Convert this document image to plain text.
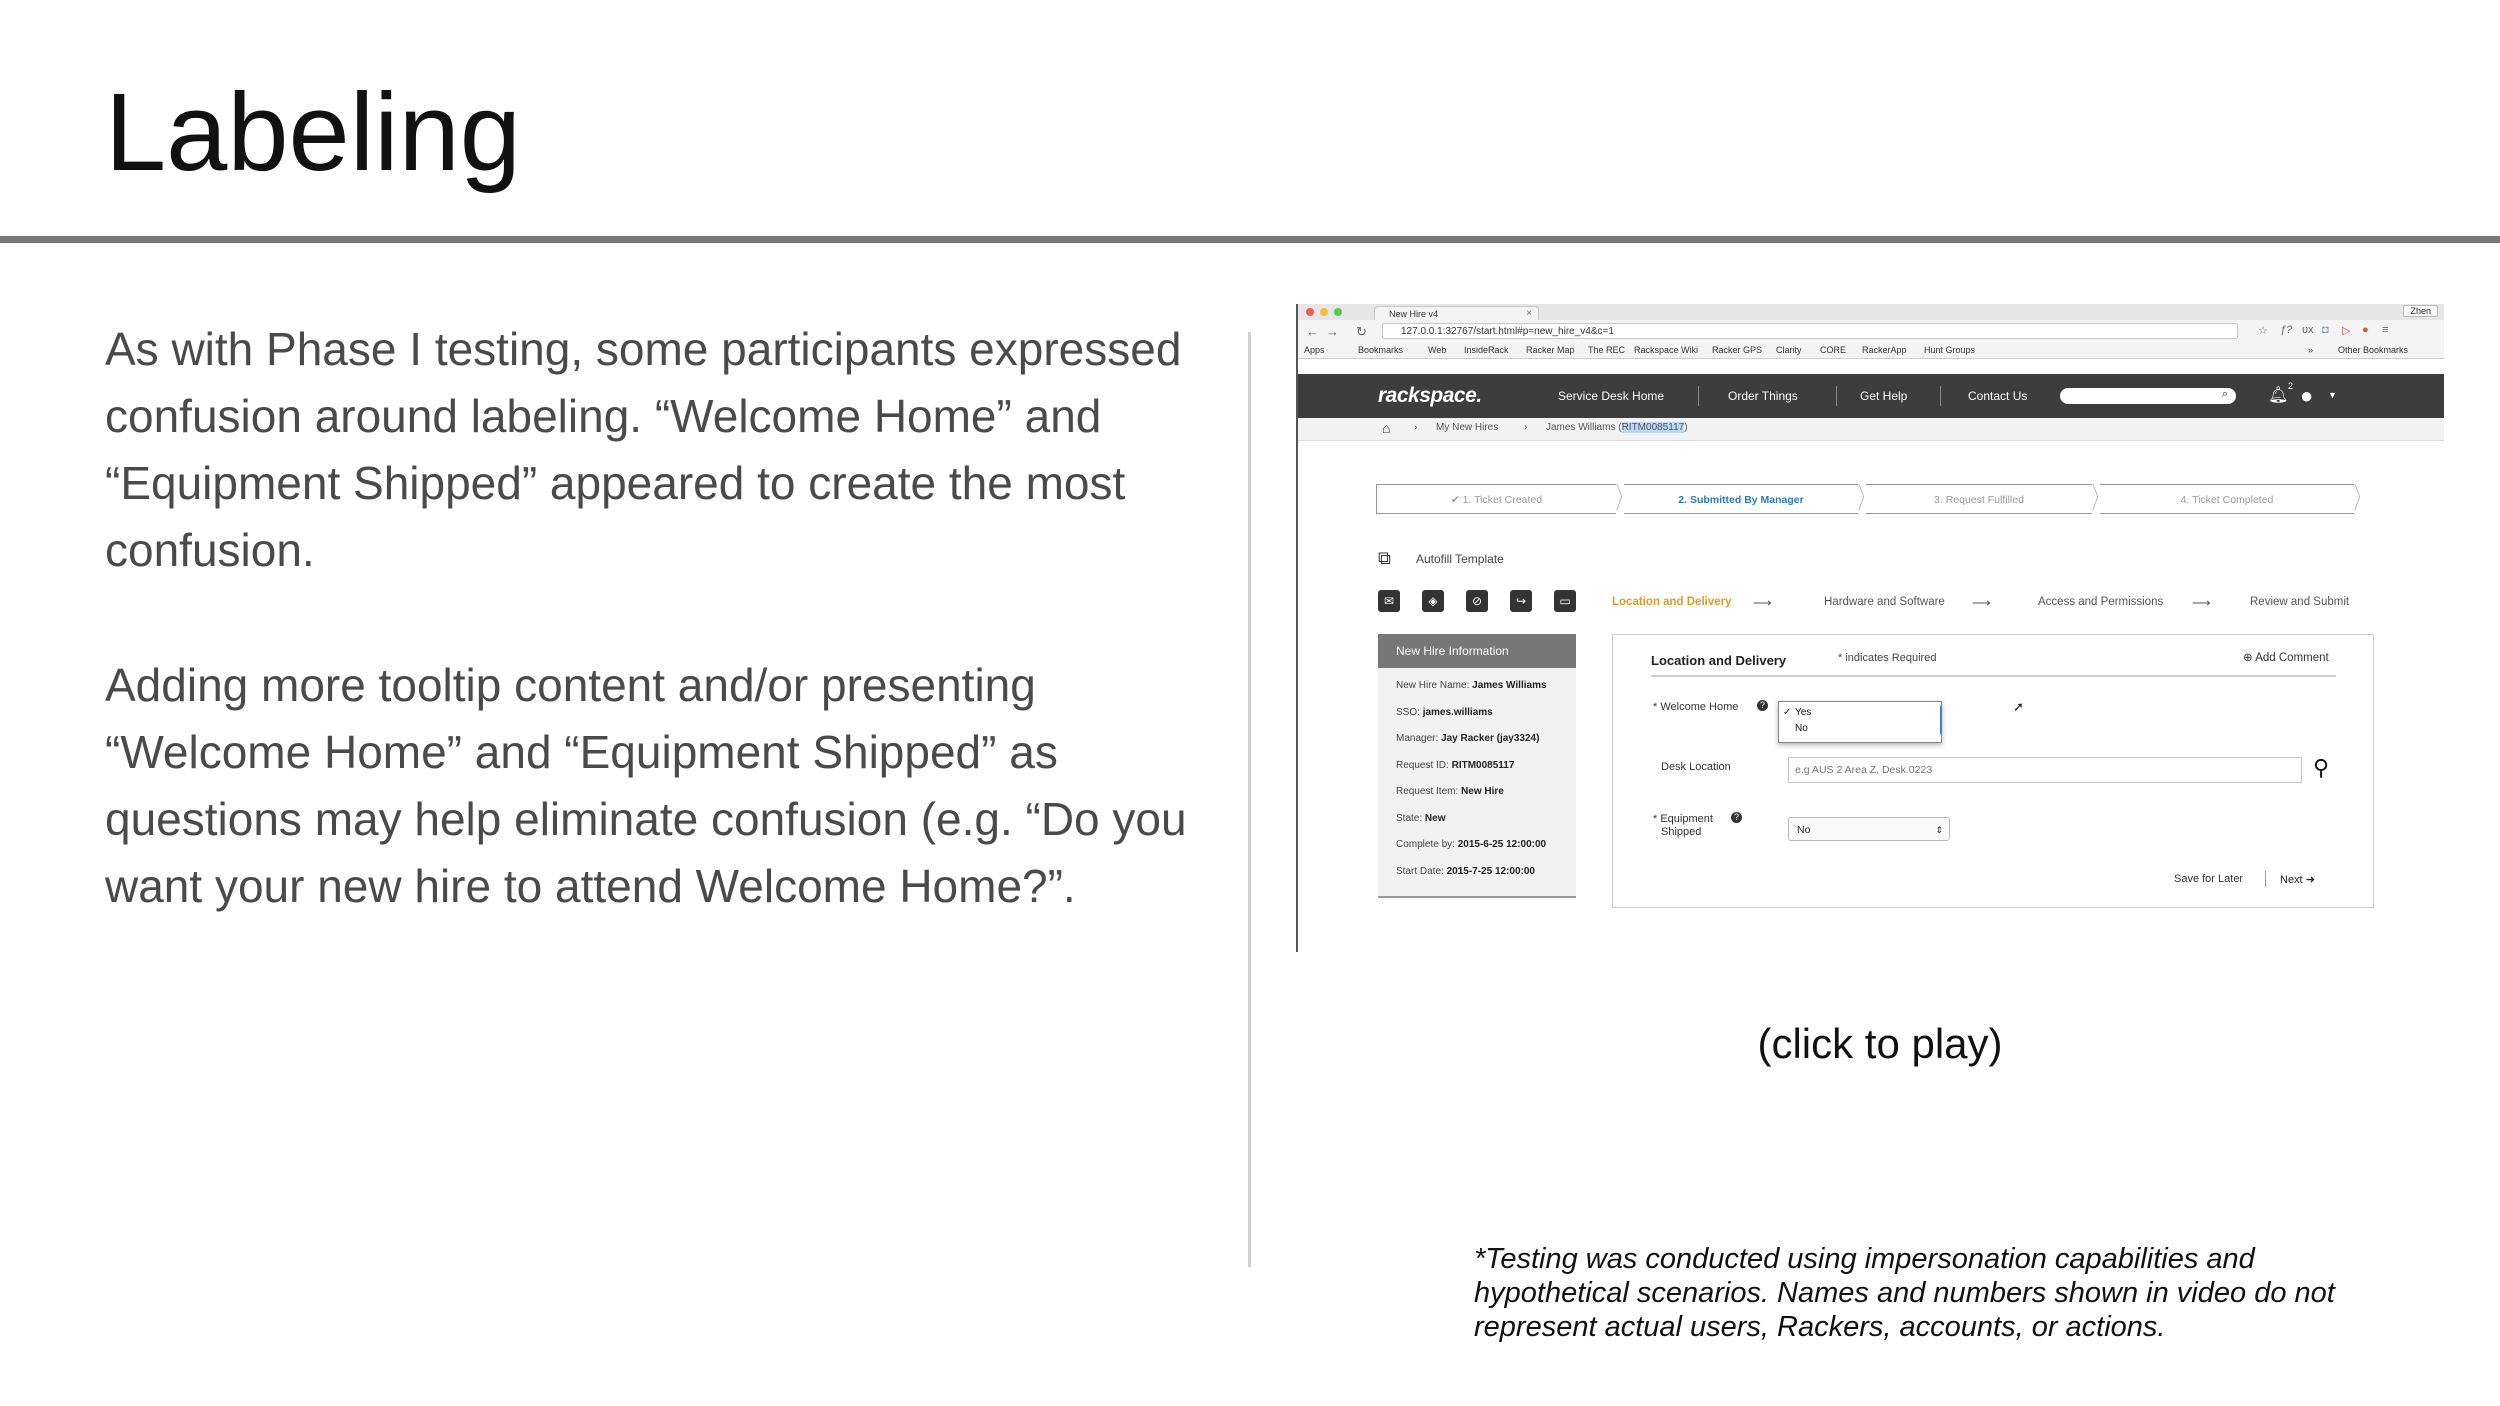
Labeling
As with Phase I testing, some participants expressed confusion around labeling. “Welcome Home” and “Equipment Shipped” appeared to create the most confusion.
Adding more tooltip content and/or presenting “Welcome Home” and “Equipment Shipped” as questions may help eliminate confusion (e.g. “Do you want your new hire to attend Welcome Home?”.
New Hire v4	×	Zhen
← → ↻	127.0.0.1:32767/start.html#p=new_hire_v4&c=1	☆ ƒ? ᴜx ◘ ▷ ● ≡
Apps	Bookmarks	Web InsideRack Racker Map The REC Rackspace Wiki Racker GPS Clarity CORE RackerApp Hunt Groups	»	Other Bookmarks
rackspace.	Service Desk Home	Order Things	Get Help	Contact Us	⌕	🔔︎
2 ● ▼
⌂ › My New Hires	› James Williams (RITM0085117)
✔ 1. Ticket Created	〉	2. Submitted By Manager	〉	3. Request Fulfilled	〉	4. Ticket Completed	〉
⧉ Autofill Template
✉	◈	⊘	↪	▭	Location and Delivery ⟶	Hardware and Software ⟶	Access and Permissions ⟶	Review and Submit
New Hire Information
New Hire Name: James Williams
SSO: james.williams
Manager: Jay Racker (jay3324)
Request ID: RITM0085117
Request Item: New Hire
State: New
Complete by: 2015-6-25 12:00:00
Start Date: 2015-7-25 12:00:00
Location and Delivery	* indicates Required	⊕ Add Comment
* Welcome Home	?
✓ Yes
No
➚
Desk Location
e.g AUS 2 Area Z, Desk 0223	⚲
* Equipment
Shipped
?
No	⇕
Save for Later	Next ➜
(click to play)
*Testing was conducted using impersonation capabilities and hypothetical scenarios. Names and numbers shown in video do not represent actual users, Rackers, accounts, or actions.
